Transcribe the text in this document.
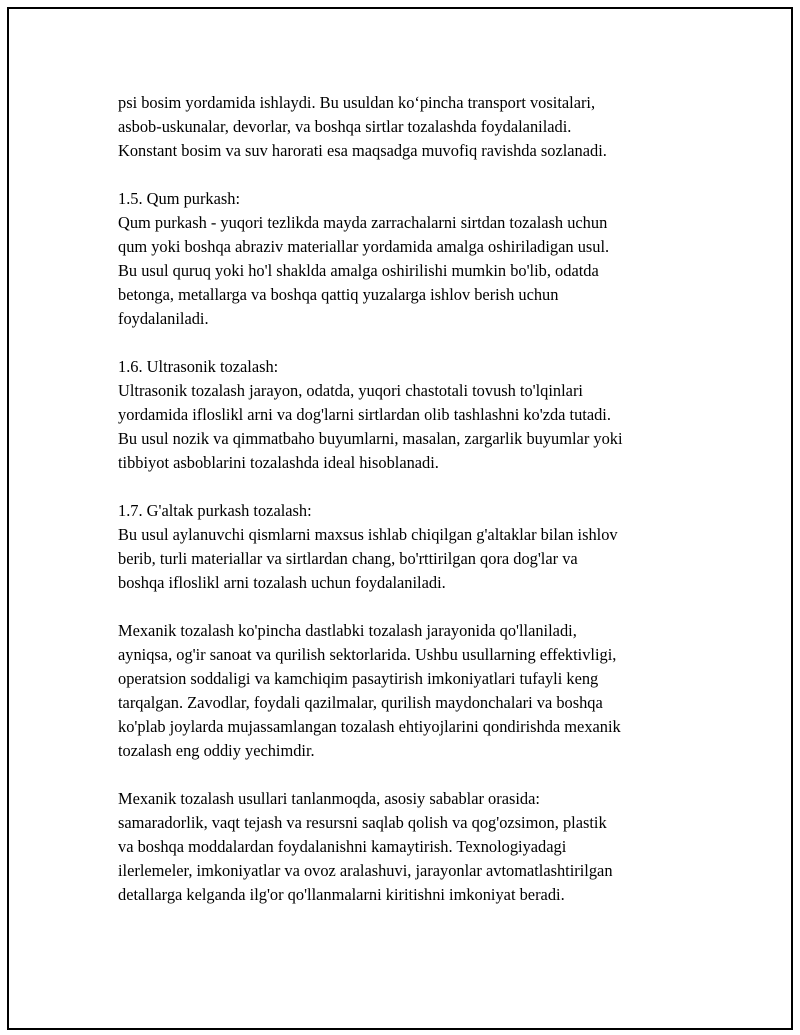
psi bosim yordamida ishlaydi. Bu usuldan ko‘pincha transport vositalari,
asbob-uskunalar, devorlar, va boshqa sirtlar tozalashda foydalaniladi.
Konstant bosim va suv harorati esa maqsadga muvofiq ravishda sozlanadi.
1.5. Qum purkash:
Qum purkash - yuqori tezlikda mayda zarrachalarni sirtdan tozalash uchun
qum yoki boshqa abraziv materiallar yordamida amalga oshiriladigan usul.
Bu usul quruq yoki ho'l shaklda amalga oshirilishi mumkin bo'lib, odatda
betonga, metallarga va boshqa qattiq yuzalarga ishlov berish uchun
foydalaniladi.
1.6. Ultrasonik tozalash:
Ultrasonik tozalash jarayon, odatda, yuqori chastotali tovush to'lqinlari
yordamida ifloslikl arni va dog'larni sirtlardan olib tashlashni ko'zda tutadi.
Bu usul nozik va qimmatbaho buyumlarni, masalan, zargarlik buyumlar yoki
tibbiyot asboblarini tozalashda ideal hisoblanadi.
1.7. G'altak purkash tozalash:
Bu usul aylanuvchi qismlarni maxsus ishlab chiqilgan g'altaklar bilan ishlov
berib, turli materiallar va sirtlardan chang, bo'rttirilgan qora dog'lar va
boshqa ifloslikl arni tozalash uchun foydalaniladi.
Mexanik tozalash ko'pincha dastlabki tozalash jarayonida qo'llaniladi,
ayniqsa, og'ir sanoat va qurilish sektorlarida. Ushbu usullarning effektivligi,
operatsion soddaligi va kamchiqim pasaytirish imkoniyatlari tufayli keng
tarqalgan. Zavodlar, foydali qazilmalar, qurilish maydonchalari va boshqa
ko'plab joylarda mujassamlangan tozalash ehtiyojlarini qondirishda mexanik
tozalash eng oddiy yechimdir.
Mexanik tozalash usullari tanlanmoqda, asosiy sabablar orasida:
samaradorlik, vaqt tejash va resursni saqlab qolish va qog'ozsimon, plastik
va boshqa moddalardan foydalanishni kamaytirish. Texnologiyadagi
ilerlemeler, imkoniyatlar va ovoz aralashuvi, jarayonlar avtomatlashtirilgan
detallarga kelganda ilg'or qo'llanmalarni kiritishni imkoniyat beradi.
